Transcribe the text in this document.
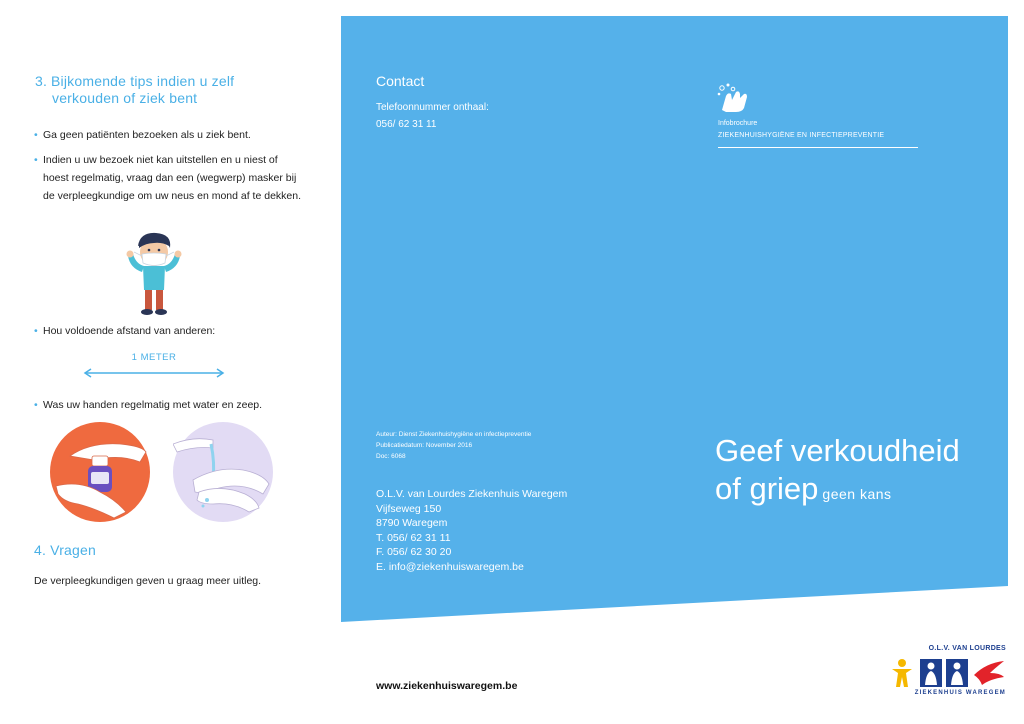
3. Bijkomende tips indien u zelf
verkouden of ziek bent
• Ga geen patiënten bezoeken als u ziek bent.
• Indien u uw bezoek niet kan uitstellen en u niest of hoest regelmatig, vraag dan een (wegwerp) masker bij de verpleegkundige om uw neus en mond af te dekken.
• Hou voldoende afstand van anderen:
1 METER
• Was uw handen regelmatig met water en zeep.
4. Vragen
De verpleegkundigen geven u graag meer uitleg.
Contact
Telefoonnummer onthaal:
056/ 62 31 11	Infobrochure
ZIEKENHUISHYGIËNE EN INFECTIEPREVENTIE
Auteur: Dienst Ziekenhuishygiëne en infectiepreventie
Publicatiedatum: November 2016
Doc: 6068
O.L.V. van Lourdes Ziekenhuis Waregem
Vijfseweg 150
8790 Waregem
T. 056/ 62 31 11
F. 056/ 62 30 20
E. info@ziekenhuiswaregem.be
Geef verkoudheid
of griep geen kans
www.ziekenhuiswaregem.be
O.L.V. VAN LOURDES
ZIEKENHUIS WAREGEM
